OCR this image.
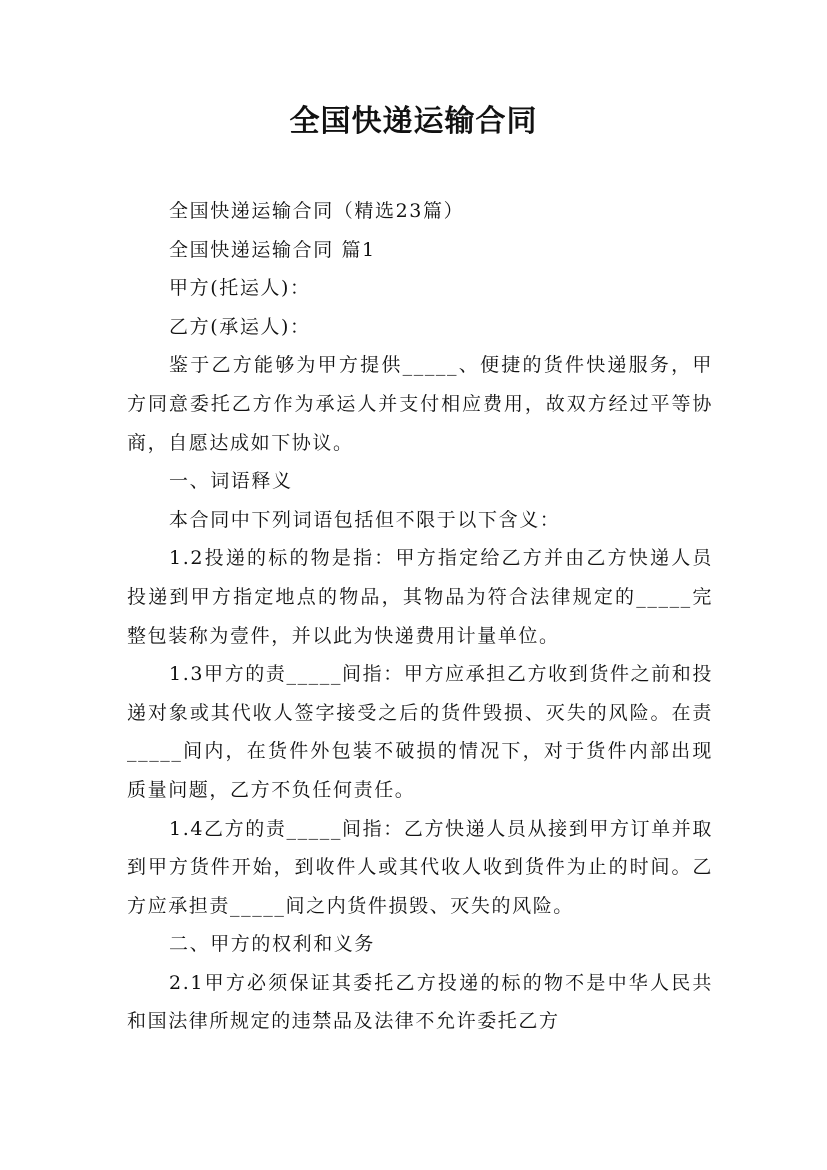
全国快递运输合同

全国快递运输合同（精选23篇）

全国快递运输合同 篇1

甲方(托运人)：

乙方(承运人)：

鉴于乙方能够为甲方提供_____、便捷的货件快递服务，甲方同意委托乙方作为承运人并支付相应费用，故双方经过平等协商，自愿达成如下协议。

一、词语释义

本合同中下列词语包括但不限于以下含义：

1.2投递的标的物是指：甲方指定给乙方并由乙方快递人员投递到甲方指定地点的物品，其物品为符合法律规定的_____完整包装称为壹件，并以此为快递费用计量单位。

1.3甲方的责_____间指：甲方应承担乙方收到货件之前和投递对象或其代收人签字接受之后的货件毁损、灭失的风险。在责_____间内，在货件外包装不破损的情况下，对于货件内部出现质量问题，乙方不负任何责任。

1.4乙方的责_____间指：乙方快递人员从接到甲方订单并取到甲方货件开始，到收件人或其代收人收到货件为止的时间。乙方应承担责_____间之内货件损毁、灭失的风险。

二、甲方的权利和义务

2.1甲方必须保证其委托乙方投递的标的物不是中华人民共和国法律所规定的违禁品及法律不允许委托乙方
